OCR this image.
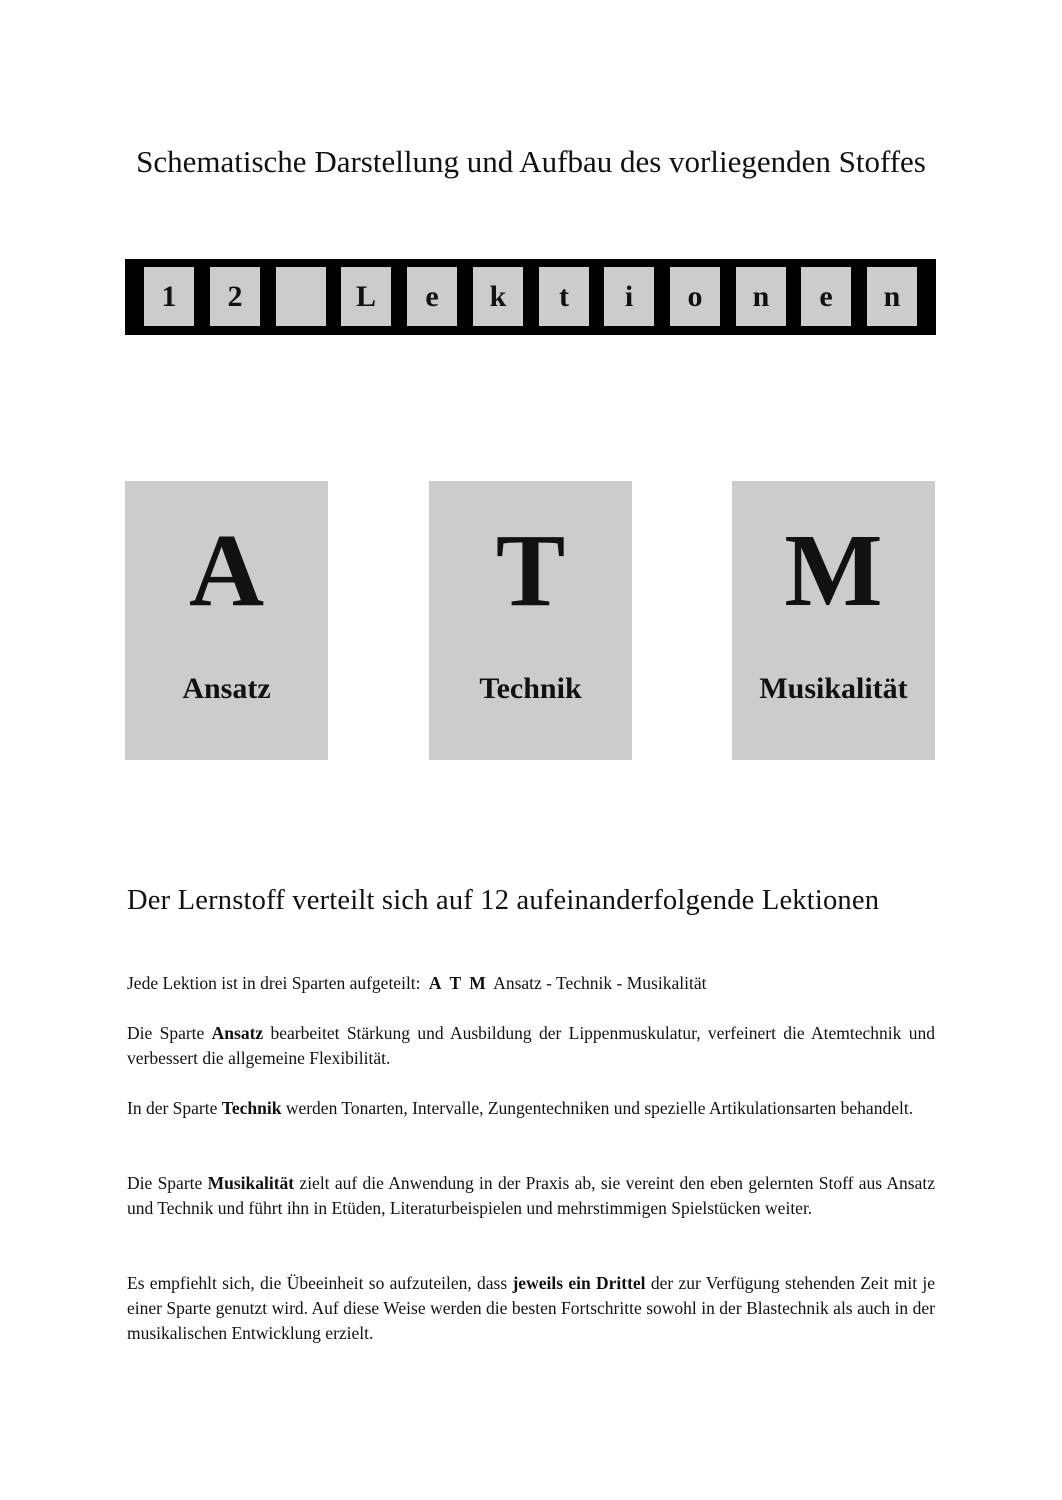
Schematische Darstellung und Aufbau des vorliegenden Stoffes
1	2	L	e	k	t	i	o	n	e	n
A
Ansatz
T
Technik
M
Musikalität
Der Lernstoff verteilt sich auf 12 aufeinanderfolgende Lektionen

Jede Lektion ist in drei Sparten aufgeteilt: A T M Ansatz - Technik - Musikalität

Die Sparte Ansatz bearbeitet Stärkung und Ausbildung der Lippenmuskulatur, verfeinert die Atemtechnik und verbessert die allgemeine Flexibilität.

In der Sparte Technik werden Tonarten, Intervalle, Zungentechniken und spezielle Artikulationsarten behandelt.

Die Sparte Musikalität zielt auf die Anwendung in der Praxis ab, sie vereint den eben gelernten Stoff aus Ansatz und Technik und führt ihn in Etüden, Literaturbeispielen und mehrstimmigen Spielstücken weiter.

Es empfiehlt sich, die Übeeinheit so aufzuteilen, dass jeweils ein Drittel der zur Verfügung stehenden Zeit mit je einer Sparte genutzt wird. Auf diese Weise werden die besten Fortschritte sowohl in der Blastechnik als auch in der musikalischen Entwicklung erzielt.
